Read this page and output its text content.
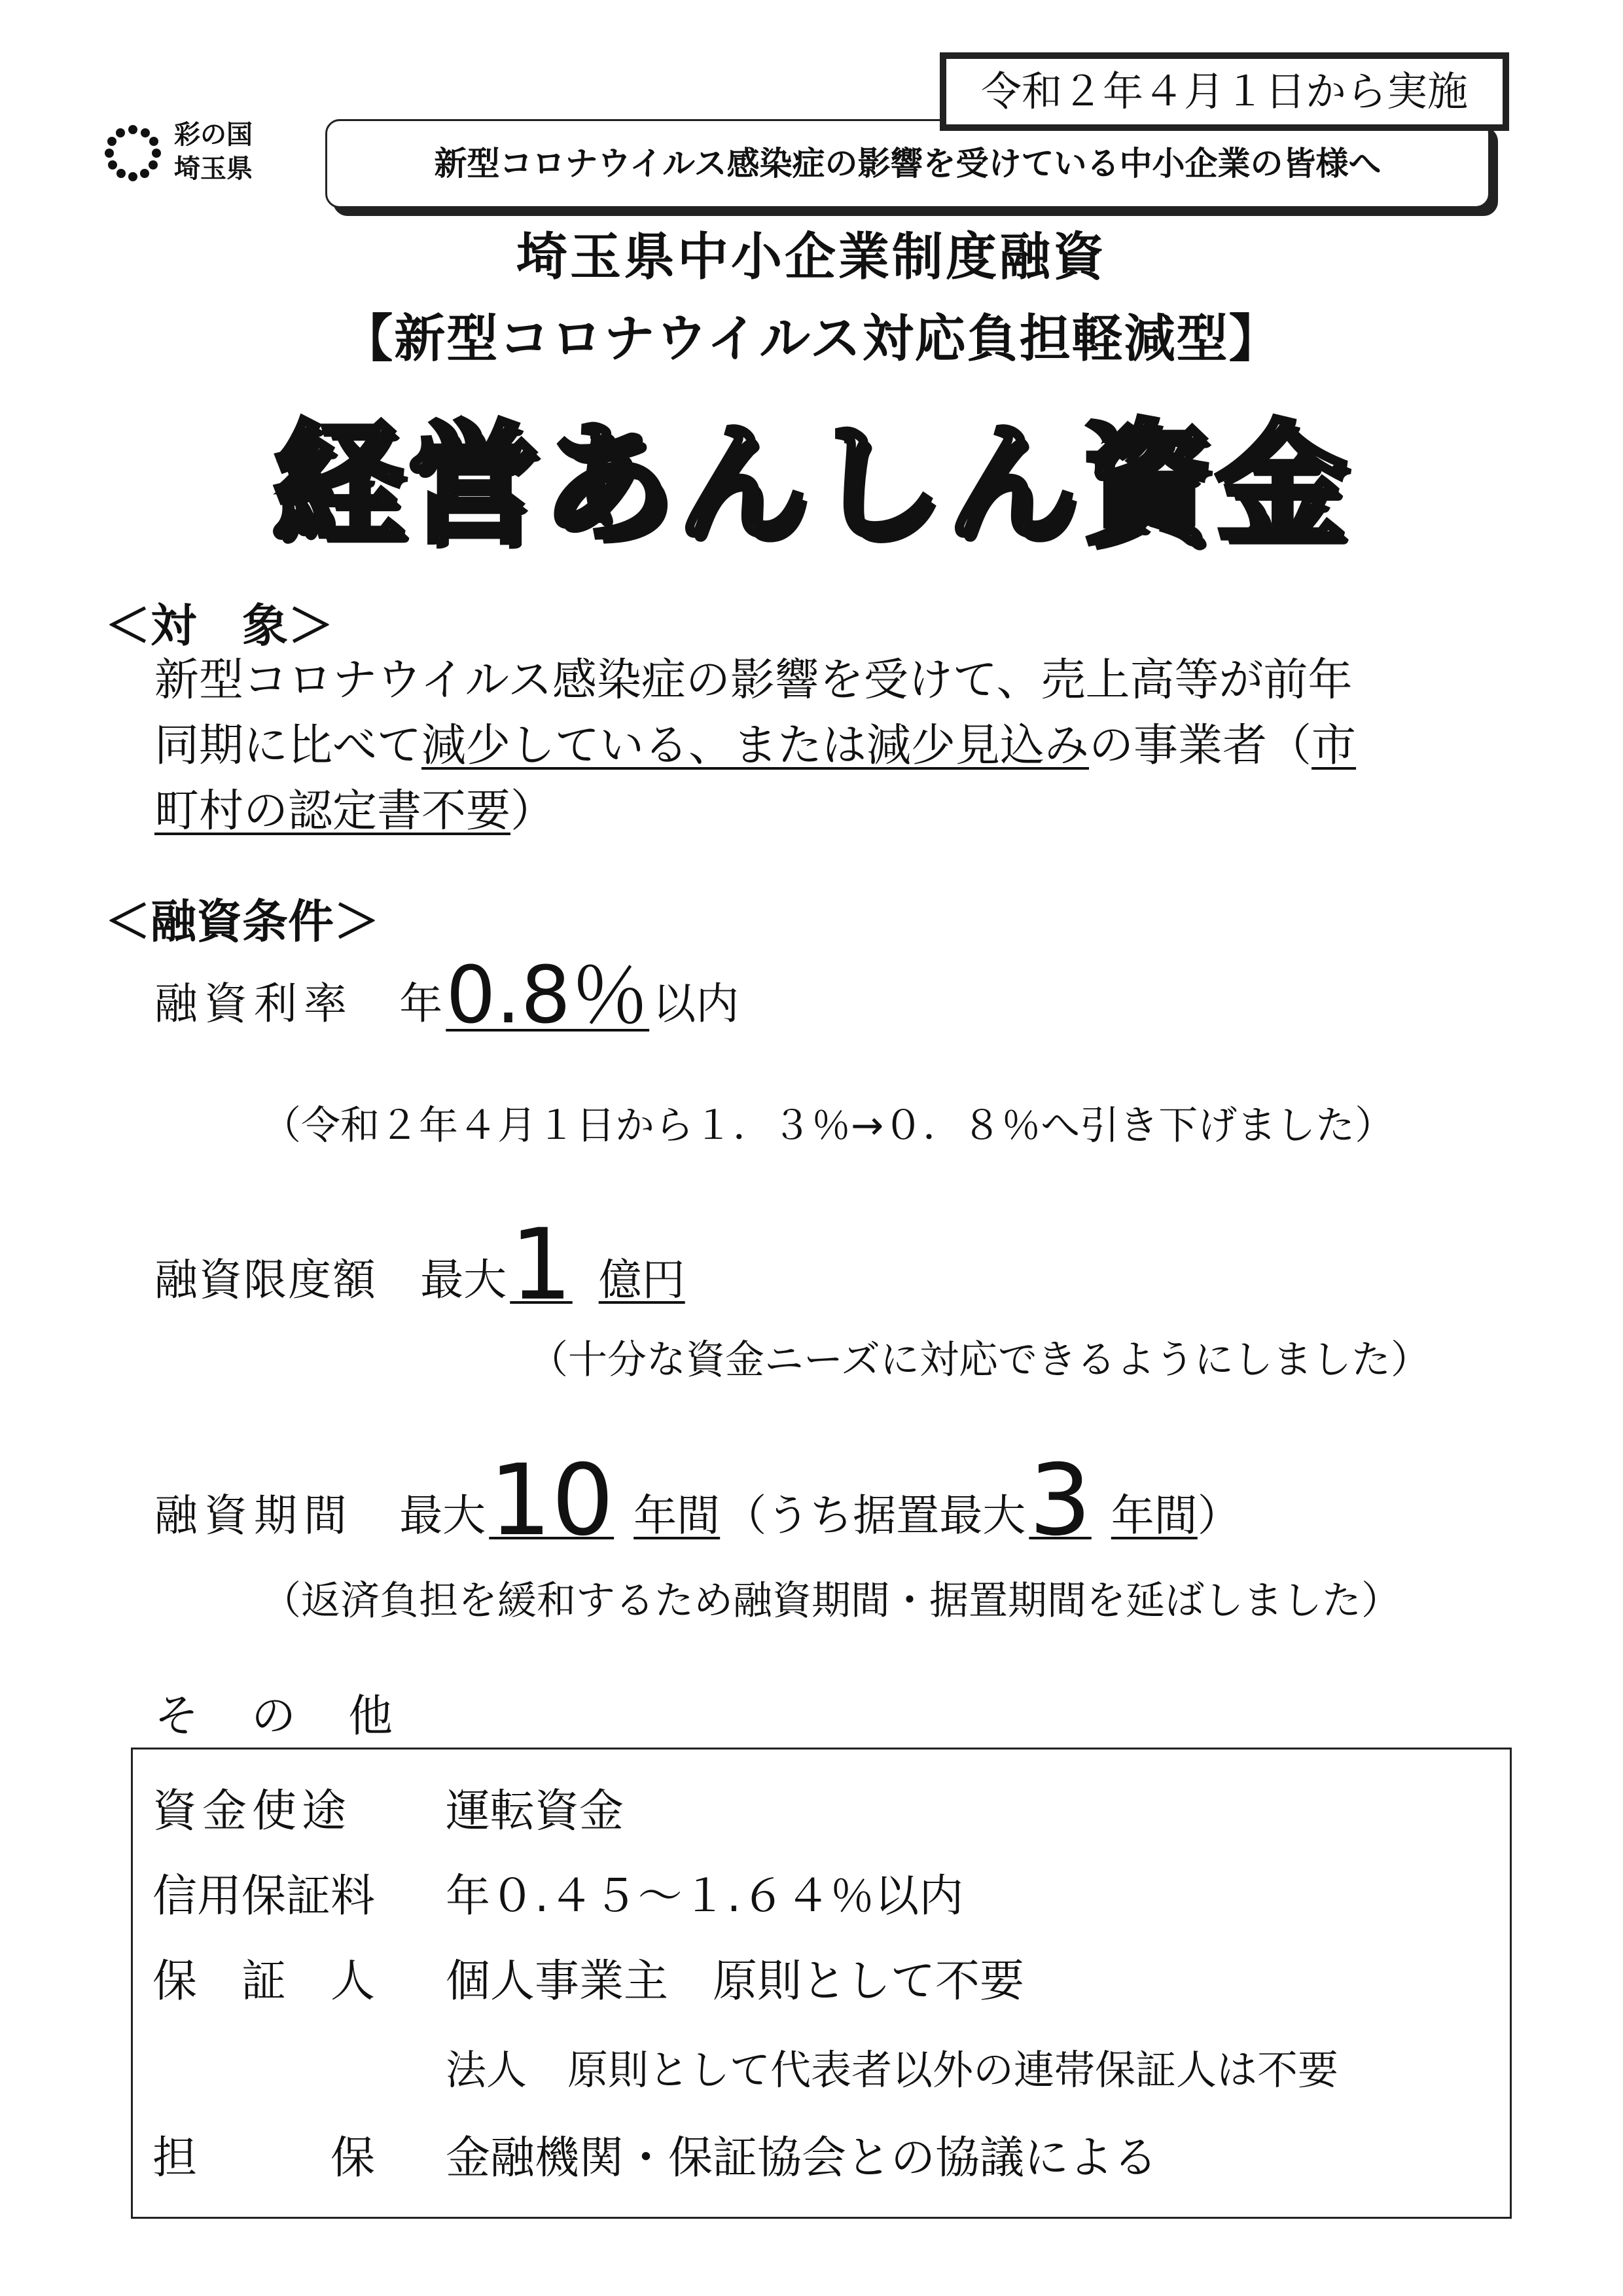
彩の国
埼玉県
令和２年４月１日から実施
新型コロナウイルス感染症の影響を受けている中小企業の皆様へ
埼玉県中小企業制度融資
【新型コロナウイルス対応負担軽減型】
経営あんしん資金
＜対　象＞
新型コロナウイルス感染症の影響を受けて、売上高等が前年
同期に比べて減少している、または減少見込みの事業者（市
町村の認定書不要）
＜融資条件＞
融資利率 年 0.8％ 以内
（令和２年４月１日から１．３％→０．８％へ引き下げました）
融資限度額 最大 1 億円
（十分な資金ニーズに対応できるようにしました）
融資期間 最大 10 年間 （うち据置最大 3 年間）
（返済負担を緩和するため融資期間・据置期間を延ばしました）
そ　の　他
資金使途 運転資金
信用保証料 年０.４５～１.６４％以内
保　証　人 個人事業主　原則として不要
法人　原則として代表者以外の連帯保証人は不要
担　　　保 金融機関・保証協会との協議による
